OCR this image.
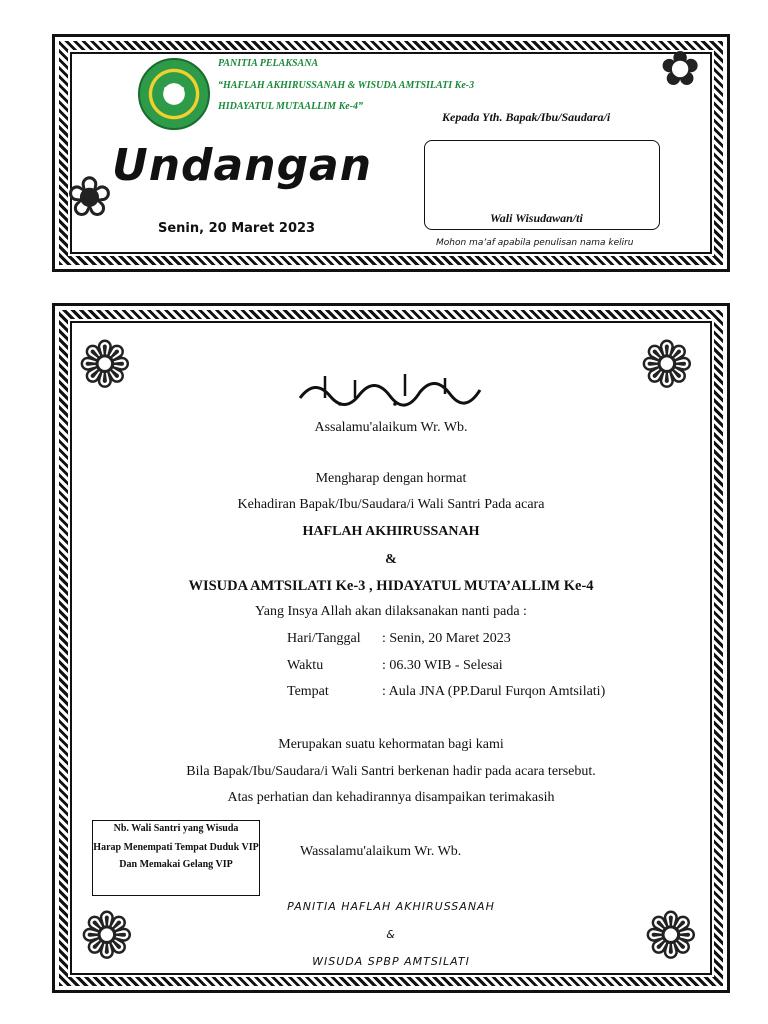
SPBP
PANITIA PELAKSANA
“HAFLAH AKHIRUSSANAH & WISUDA AMTSILATI Ke-3
HIDAYATUL MUTAALLIM Ke-4”
Undangan
Senin, 20 Maret 2023
Kepada Yth. Bapak/Ibu/Saudara/i
Wali Wisudawan/ti
Mohon ma’af apabila penulisan nama keliru
❀
✿
❁	❁
❁	❁
Assalamu'alaikum Wr. Wb.
Mengharap dengan hormat
Kehadiran Bapak/Ibu/Saudara/i Wali Santri Pada acara
HAFLAH AKHIRUSSANAH
&
WISUDA AMTSILATI Ke-3 , HIDAYATUL MUTA’ALLIM Ke-4
Yang Insya Allah akan dilaksanakan nanti pada :
Hari/Tanggal : Senin, 20 Maret 2023
Waktu	: 06.30 WIB - Selesai
Tempat	: Aula JNA (PP.Darul Furqon Amtsilati)
Merupakan suatu kehormatan bagi kami
Bila Bapak/Ibu/Saudara/i Wali Santri berkenan hadir pada acara tersebut.
Atas perhatian dan kehadirannya disampaikan terimakasih
Nb. Wali Santri yang Wisuda
Harap Menempati Tempat Duduk VIP
Dan Memakai Gelang VIP
Wassalamu'alaikum Wr. Wb.
PANITIA HAFLAH AKHIRUSSANAH
&
WISUDA SPBP AMTSILATI
